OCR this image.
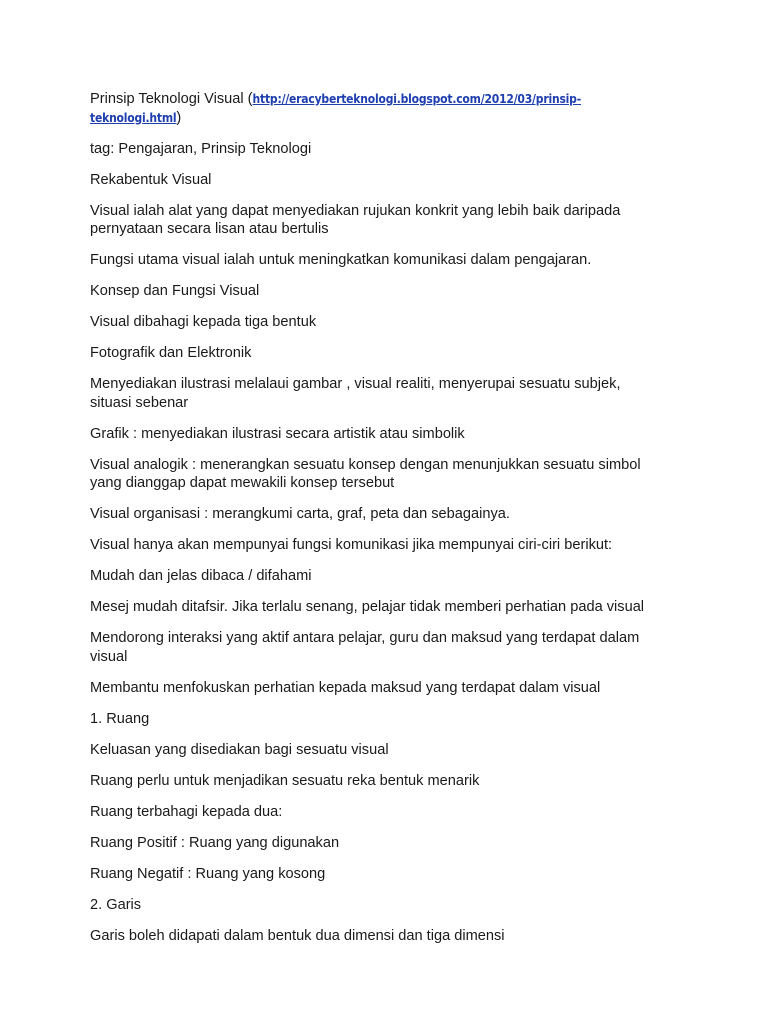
Prinsip Teknologi Visual (http://eracyberteknologi.blogspot.com/2012/03/prinsip-teknologi.html)

tag: Pengajaran, Prinsip Teknologi

Rekabentuk Visual

Visual ialah alat yang dapat menyediakan rujukan konkrit yang lebih baik daripada pernyataan secara lisan atau bertulis

Fungsi utama visual ialah untuk meningkatkan komunikasi dalam pengajaran.

Konsep dan Fungsi Visual

Visual dibahagi kepada tiga bentuk

Fotografik dan Elektronik

Menyediakan ilustrasi melalaui gambar , visual realiti, menyerupai sesuatu subjek, situasi sebenar

Grafik : menyediakan ilustrasi secara artistik atau simbolik

Visual analogik : menerangkan sesuatu konsep dengan menunjukkan sesuatu simbol yang dianggap dapat mewakili konsep tersebut

Visual organisasi : merangkumi carta, graf, peta dan sebagainya.

Visual hanya akan mempunyai fungsi komunikasi jika mempunyai ciri-ciri berikut:

Mudah dan jelas dibaca / difahami

Mesej mudah ditafsir. Jika terlalu senang, pelajar tidak memberi perhatian pada visual

Mendorong interaksi yang aktif antara pelajar, guru dan maksud yang terdapat dalam visual

Membantu menfokuskan perhatian kepada maksud yang terdapat dalam visual

1. Ruang

Keluasan yang disediakan bagi sesuatu visual

Ruang perlu untuk menjadikan sesuatu reka bentuk menarik

Ruang terbahagi kepada dua:

Ruang Positif : Ruang yang digunakan

Ruang Negatif : Ruang yang kosong

2. Garis

Garis boleh didapati dalam bentuk dua dimensi dan tiga dimensi
